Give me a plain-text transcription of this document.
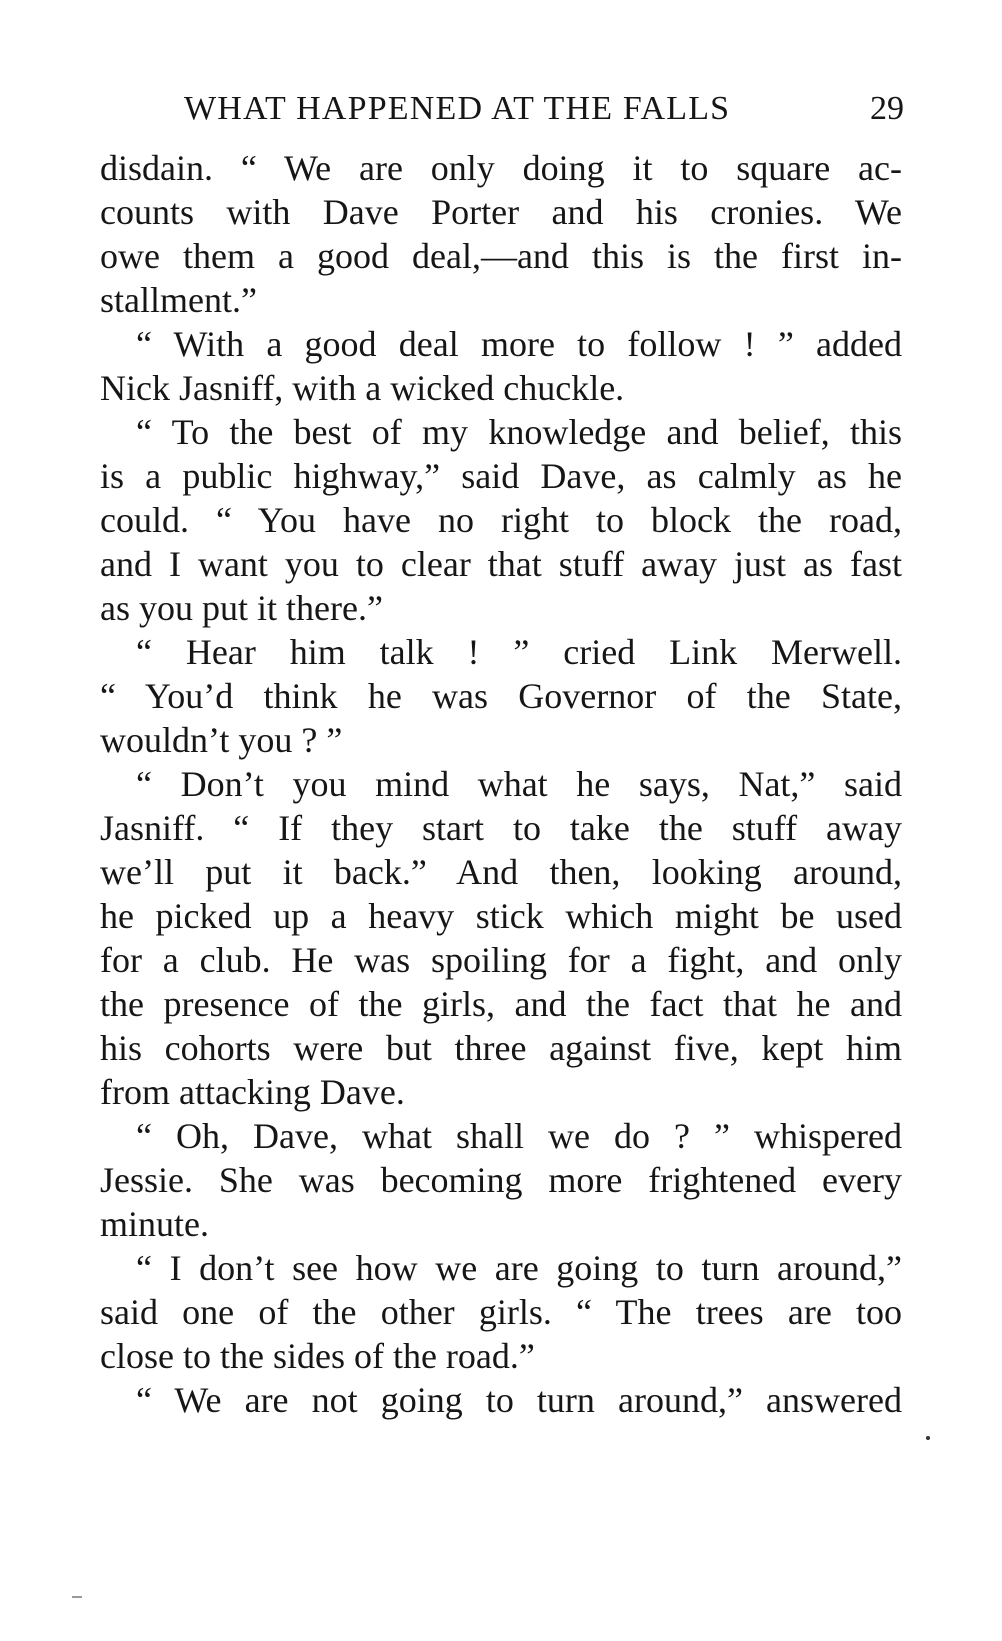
WHAT HAPPENED AT THE FALLS	29
disdain. “ We are only doing it to square ac-
counts with Dave Porter and his cronies. We
owe them a good deal,—and this is the first in-
stallment.”
“ With a good deal more to follow ! ” added
Nick Jasniff, with a wicked chuckle.
“ To the best of my knowledge and belief, this
is a public highway,” said Dave, as calmly as he
could. “ You have no right to block the road,
and I want you to clear that stuff away just as fast
as you put it there.”
“ Hear him talk ! ” cried Link Merwell.
“ You’d think he was Governor of the State,
wouldn’t you ? ”
“ Don’t you mind what he says, Nat,” said
Jasniff. “ If they start to take the stuff away
we’ll put it back.” And then, looking around,
he picked up a heavy stick which might be used
for a club. He was spoiling for a fight, and only
the presence of the girls, and the fact that he and
his cohorts were but three against five, kept him
from attacking Dave.
“ Oh, Dave, what shall we do ? ” whispered
Jessie. She was becoming more frightened every
minute.
“ I don’t see how we are going to turn around,”
said one of the other girls. “ The trees are too
close to the sides of the road.”
“ We are not going to turn around,” answered
